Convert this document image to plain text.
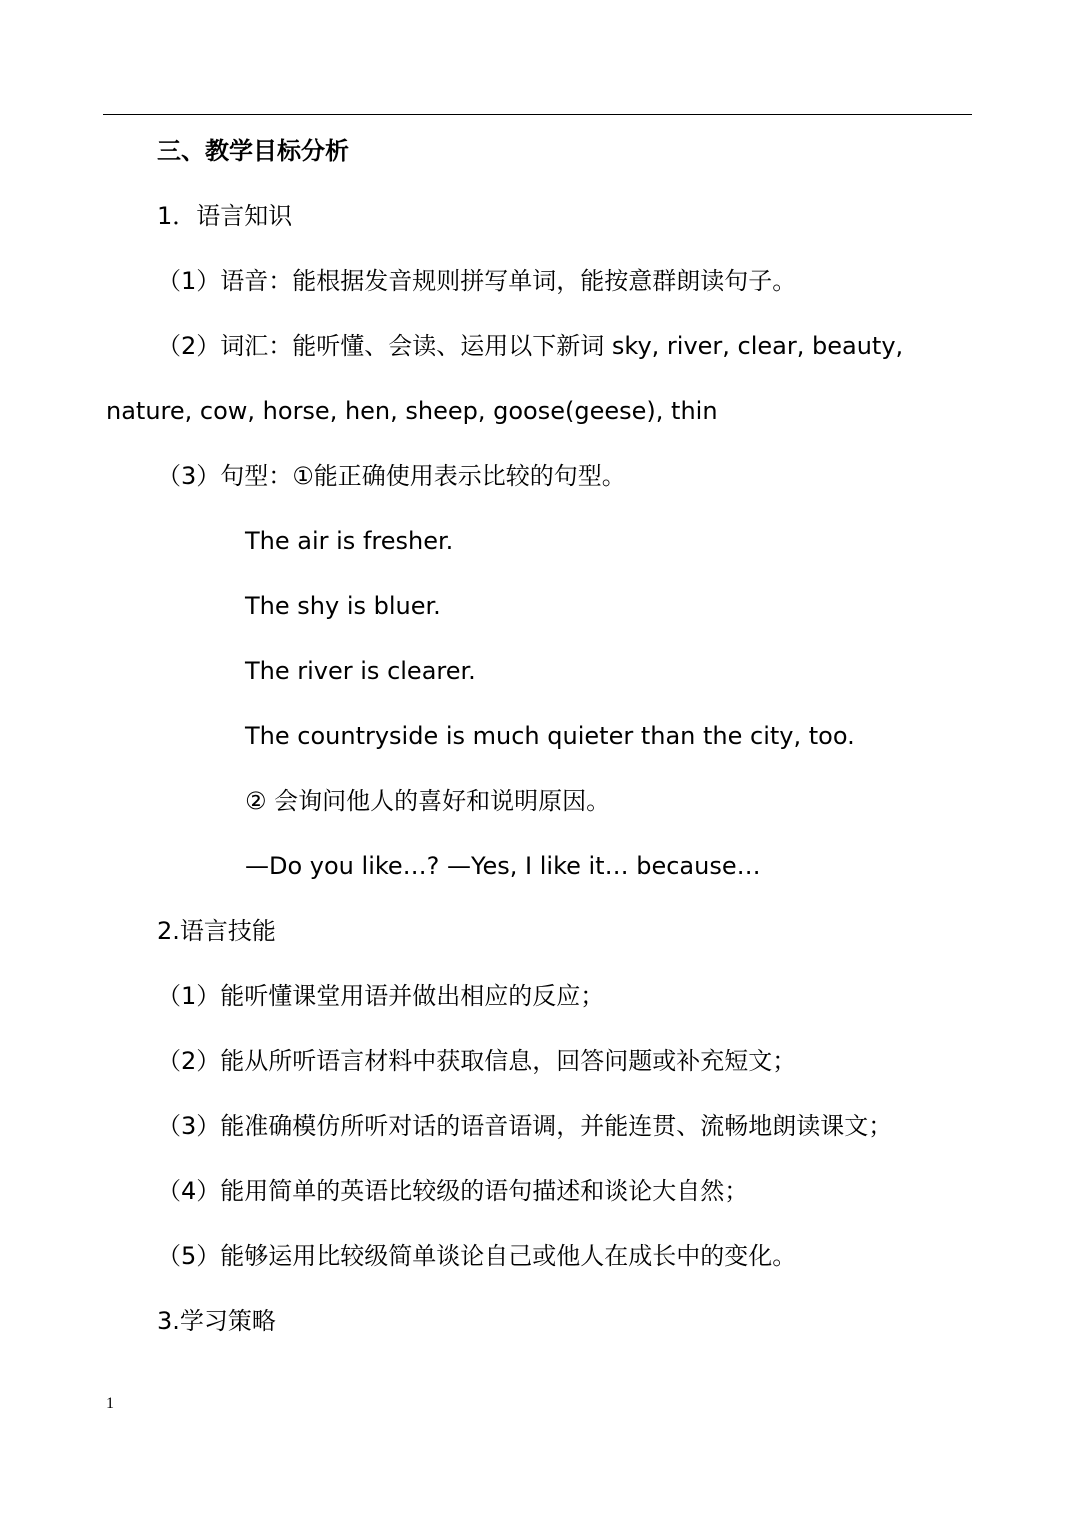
三、教学目标分析
1．语言知识
（1）语音：能根据发音规则拼写单词，能按意群朗读句子。
（2）词汇：能听懂、会读、运用以下新词 sky, river, clear, beauty,
nature, cow, horse, hen, sheep, goose(geese), thin
（3）句型：①能正确使用表示比较的句型。
The air is fresher.
The shy is bluer.
The river is clearer.
The countryside is much quieter than the city, too.
② 会询问他人的喜好和说明原因。
—Do you like…? —Yes, I like it… because…
2.语言技能
（1）能听懂课堂用语并做出相应的反应；
（2）能从所听语言材料中获取信息，回答问题或补充短文；
（3）能准确模仿所听对话的语音语调，并能连贯、流畅地朗读课文；
（4）能用简单的英语比较级的语句描述和谈论大自然；
（5）能够运用比较级简单谈论自己或他人在成长中的变化。
3.学习策略
1
